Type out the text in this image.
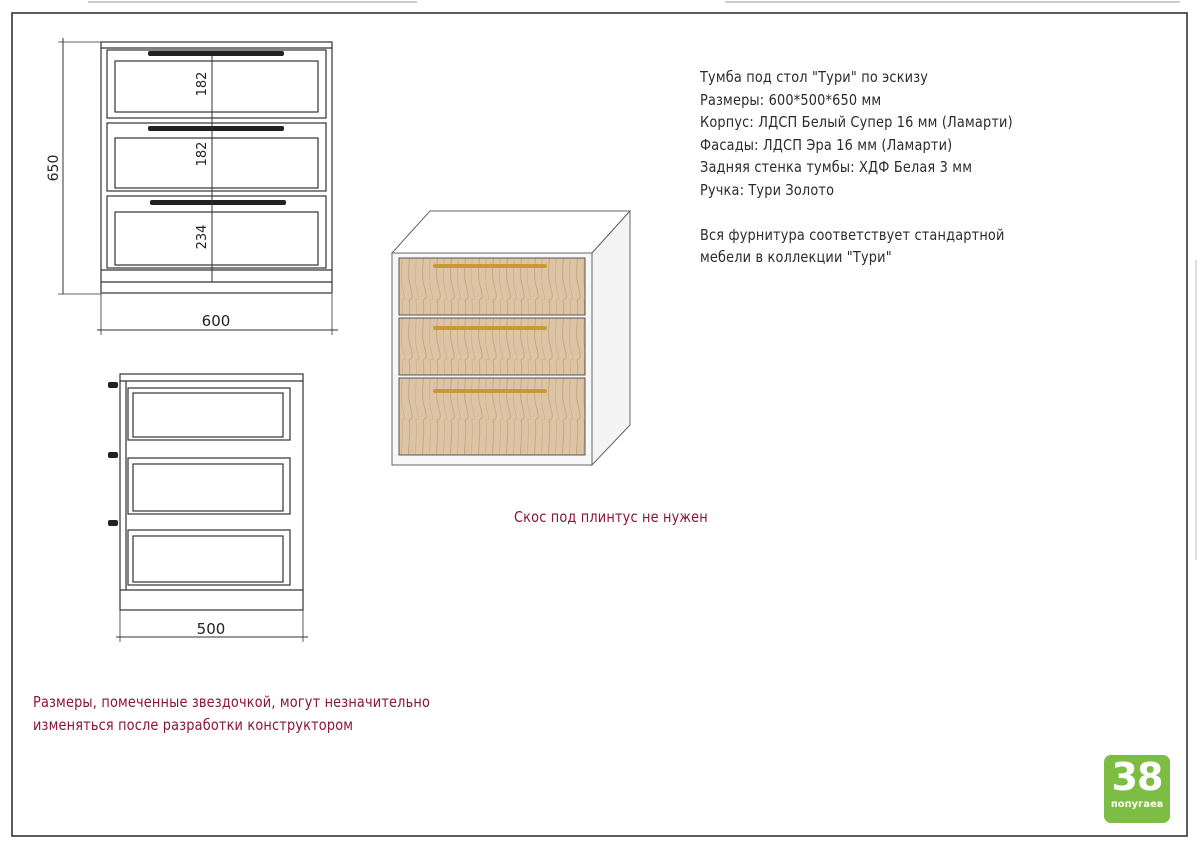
650
600
182
182
234
500
Тумба под стол "Тури" по эскизу
Размеры: 600*500*650 мм
Корпус: ЛДСП Белый Супер 16 мм (Ламарти)
Фасады: ЛДСП Эра 16 мм (Ламарти)
Задняя стенка тумбы: ХДФ Белая 3 мм
Ручка: Тури Золото
Вся фурнитура соответствует стандартной
мебели в коллекции "Тури"
Скос под плинтус не нужен
Размеры, помеченные звездочкой, могут незначительно
изменяться после разработки конструктором
38
попугаев
